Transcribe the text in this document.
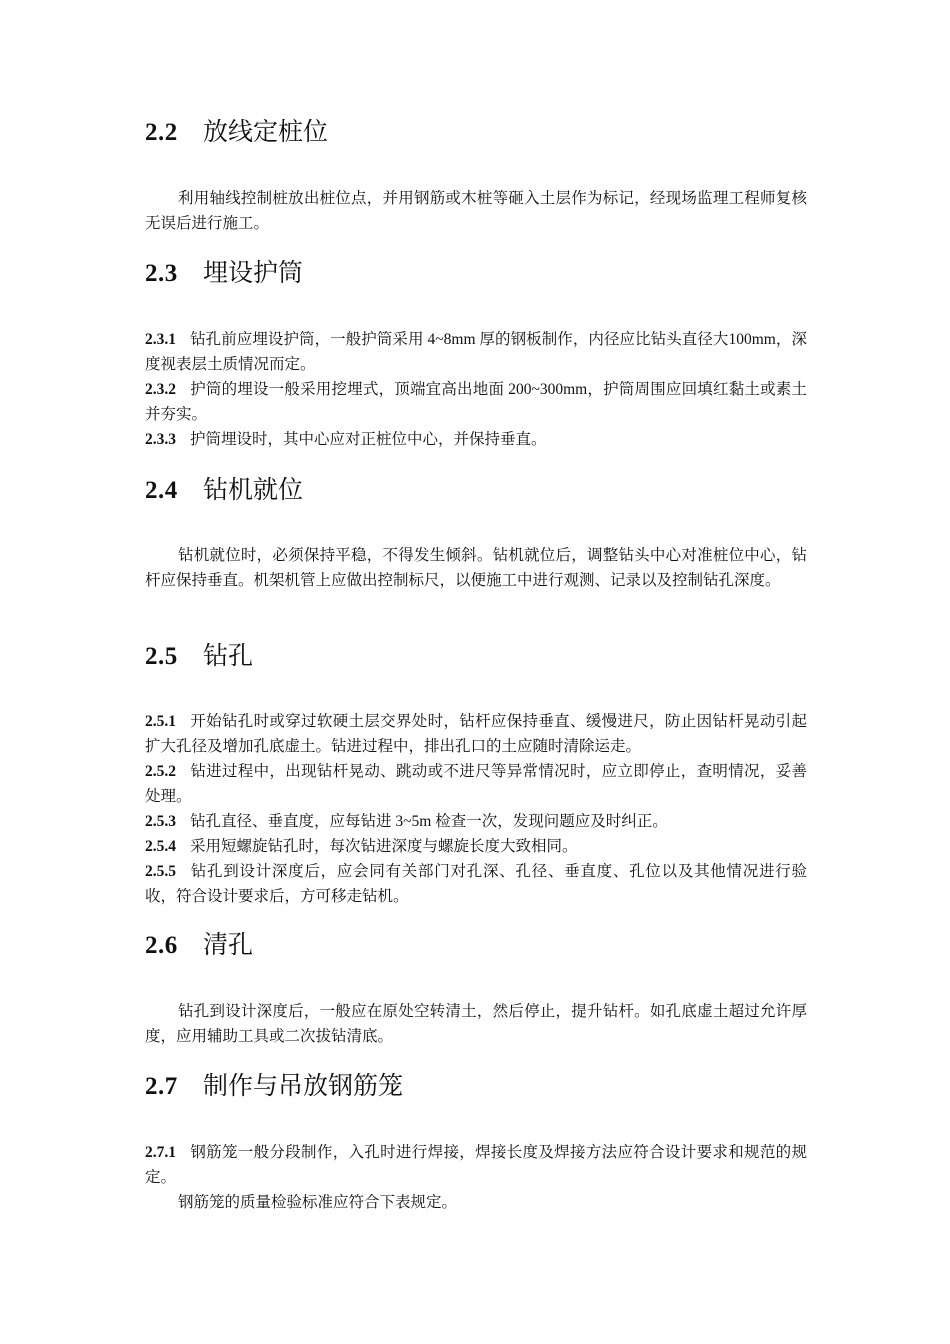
2.2 放线定桩位
利用轴线控制桩放出桩位点，并用钢筋或木桩等砸入土层作为标记，经现场监理工程师复核无误后进行施工。
2.3 埋设护筒
2.3.1 钻孔前应埋设护筒，一般护筒采用 4~8mm 厚的钢板制作，内径应比钻头直径大100mm，深度视表层土质情况而定。
2.3.2 护筒的埋设一般采用挖埋式，顶端宜高出地面 200~300mm，护筒周围应回填红黏土或素土并夯实。
2.3.3 护筒埋设时，其中心应对正桩位中心，并保持垂直。
2.4 钻机就位
钻机就位时，必须保持平稳，不得发生倾斜。钻机就位后，调整钻头中心对准桩位中心，钻杆应保持垂直。机架机管上应做出控制标尺，以便施工中进行观测、记录以及控制钻孔深度。
2.5 钻孔
2.5.1 开始钻孔时或穿过软硬土层交界处时，钻杆应保持垂直、缓慢进尺，防止因钻杆晃动引起扩大孔径及增加孔底虚土。钻进过程中，排出孔口的土应随时清除运走。
2.5.2 钻进过程中，出现钻杆晃动、跳动或不进尺等异常情况时，应立即停止，查明情况，妥善处理。
2.5.3 钻孔直径、垂直度，应每钻进 3~5m 检查一次，发现问题应及时纠正。
2.5.4 采用短螺旋钻孔时，每次钻进深度与螺旋长度大致相同。
2.5.5 钻孔到设计深度后，应会同有关部门对孔深、孔径、垂直度、孔位以及其他情况进行验收，符合设计要求后，方可移走钻机。
2.6 清孔
钻孔到设计深度后，一般应在原处空转清土，然后停止，提升钻杆。如孔底虚土超过允许厚度，应用辅助工具或二次拔钻清底。
2.7 制作与吊放钢筋笼
2.7.1 钢筋笼一般分段制作，入孔时进行焊接，焊接长度及焊接方法应符合设计要求和规范的规定。
钢筋笼的质量检验标准应符合下表规定。
